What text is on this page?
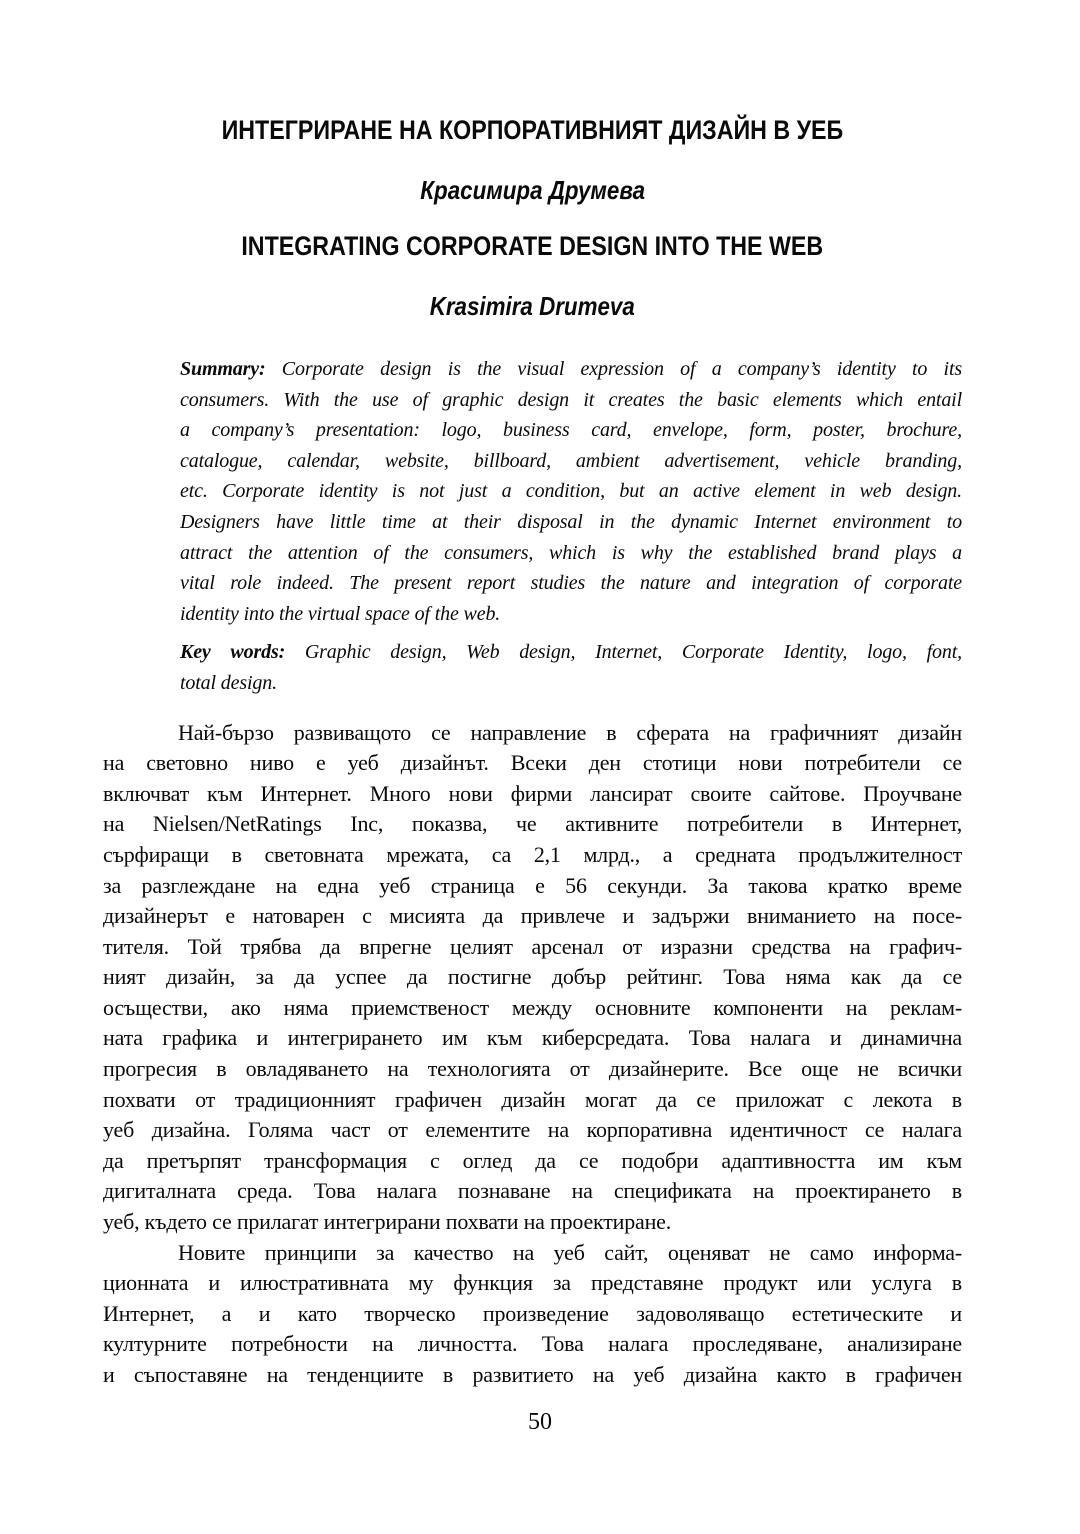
ИНТЕГРИРАНЕ НА КОРПОРАТИВНИЯТ ДИЗАЙН В УЕБ
Красимира Друмева
INTEGRATING CORPORATE DESIGN INTO THE WEB
Krasimira Drumeva
Summary: Corporate design is the visual expression of a company’s identity to its
consumers. With the use of graphic design it creates the basic elements which entail
a company’s presentation: logo, business card, envelope, form, poster, brochure,
catalogue, calendar, website, billboard, ambient advertisement, vehicle branding,
etc. Corporate identity is not just a condition, but an active element in web design.
Designers have little time at their disposal in the dynamic Internet environment to
attract the attention of the consumers, which is why the established brand plays a
vital role indeed. The present report studies the nature and integration of corporate
identity into the virtual space of the web.
Key words: Graphic design, Web design, Internet, Corporate Identity, logo, font,
total design.
Най-бързо развиващото се направление в сферата на графичният дизайн
на световно ниво е уеб дизайнът. Всеки ден стотици нови потребители се
включват към Интернет. Много нови фирми лансират своите сайтове. Проучване
на Nielsen/NetRatings Inc, показва, че активните потребители в Интернет,
сърфиращи в световната мрежата, са 2,1 млрд., а средната продължителност
за разглеждане на една уеб страница е 56 секунди. За такова кратко време
дизайнерът е натоварен с мисията да привлече и задържи вниманието на посе-
тителя. Той трябва да впрегне целият арсенал от изразни средства на графич-
ният дизайн, за да успее да постигне добър рейтинг. Това няма как да се
осъществи, ако няма приемственост между основните компоненти на реклам-
ната графика и интегрирането им към киберсредата. Това налага и динамична
прогресия в овладяването на технологията от дизайнерите. Все още не всички
похвати от традиционният графичен дизайн могат да се приложат с лекота в
уеб дизайна. Голяма част от елементите на корпоративна идентичност се налага
да претърпят трансформация с оглед да се подобри адаптивността им към
дигиталната среда. Това налага познаване на спецификата на проектирането в
уеб, където се прилагат интегрирани похвати на проектиране.
Новите принципи за качество на уеб сайт, оценяват не само информа-
ционната и илюстративната му функция за представяне продукт или услуга в
Интернет, а и като творческо произведение задоволяващо естетическите и
културните потребности на личността. Това налага проследяване, анализиране
и съпоставяне на тенденциите в развитието на уеб дизайна както в графичен
50
